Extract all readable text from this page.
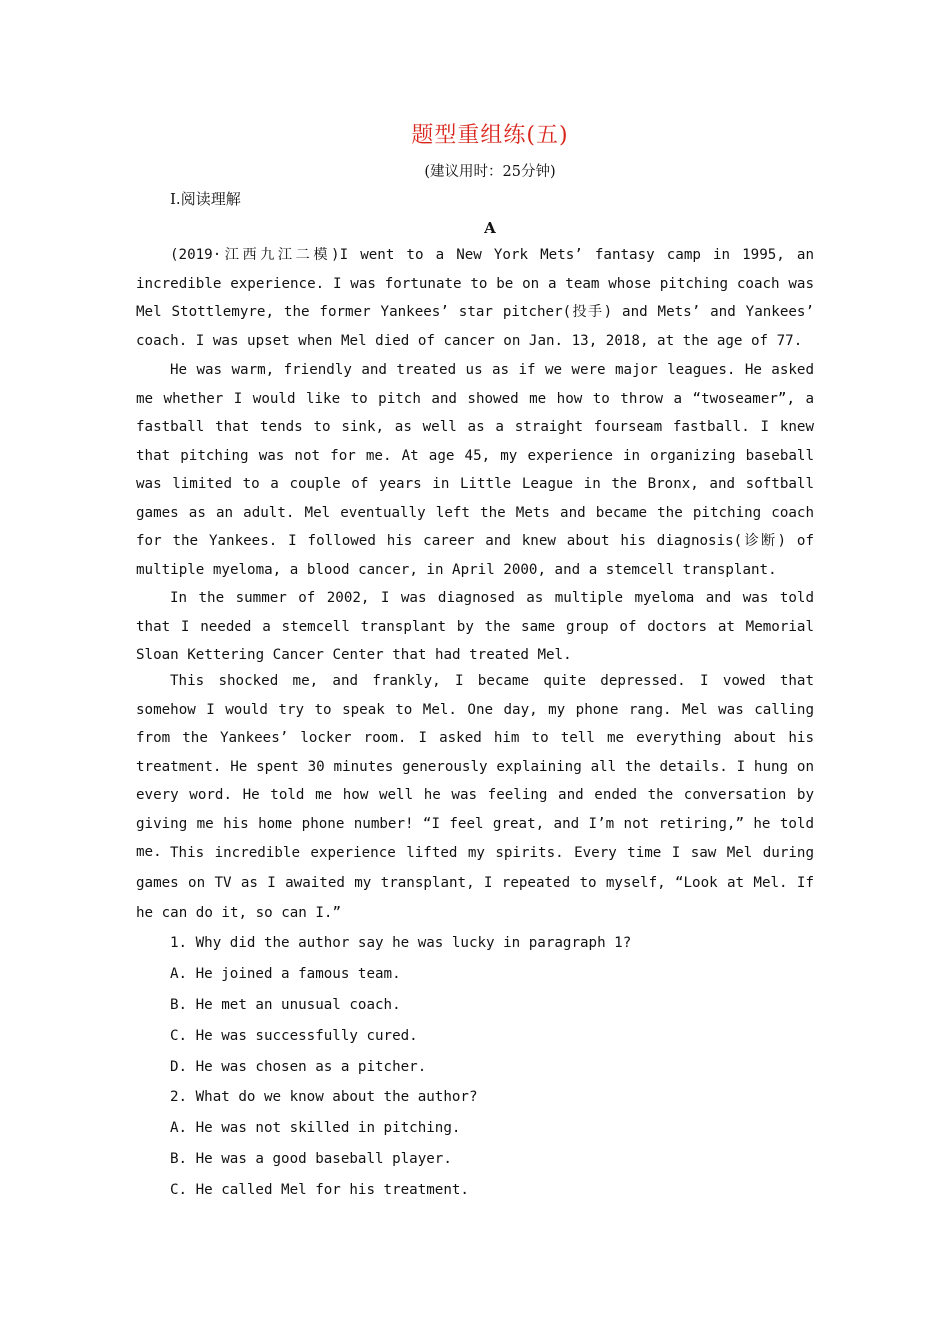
题型重组练(五)
(建议用时：25分钟)
Ⅰ.阅读理解
A

(2019·江西九江二模)I went to a New York Mets’ fantasy camp in 1995, an incredible experience. I was fortunate to be on a team whose pitching coach was Mel Stottlemyre, the former Yankees’ star pitcher(投手) and Mets’ and Yankees’ coach. I was upset when Mel died of cancer on Jan. 13, 2018, at the age of 77.

He was warm, friendly and treated us as if we were major leagues. He asked me whether I would like to pitch and showed me how to throw a “twoseamer”, a fastball that tends to sink, as well as a straight fourseam fastball. I knew that pitching was not for me. At age 45, my experience in organizing baseball was limited to a couple of years in Little League in the Bronx, and softball games as an adult. Mel eventually left the Mets and became the pitching coach for the Yankees. I followed his career and knew about his diagnosis(诊断) of multiple myeloma, a blood cancer, in April 2000, and a stemcell transplant.

In the summer of 2002, I was diagnosed as multiple myeloma and was told that I needed a stemcell transplant by the same group of doctors at Memorial Sloan Kettering Cancer Center that had treated Mel.

This shocked me, and frankly, I became quite depressed. I vowed that somehow I would try to speak to Mel. One day, my phone rang. Mel was calling from the Yankees’ locker room. I asked him to tell me everything about his treatment. He spent 30 minutes generously explaining all the details. I hung on every word. He told me how well he was feeling and ended the conversation by giving me his home phone number! “I feel great, and I’m not retiring,” he told me. This incredible experience lifted my spirits. Every time I saw Mel during games on TV as I awaited my transplant, I repeated to myself, “Look at Mel. If he can do it, so can I.”

1. Why did the author say he was lucky in paragraph 1?

A. He joined a famous team.

B. He met an unusual coach.

C. He was successfully cured.

D. He was chosen as a pitcher.

2. What do we know about the author?

A. He was not skilled in pitching.

B. He was a good baseball player.

C. He called Mel for his treatment.
